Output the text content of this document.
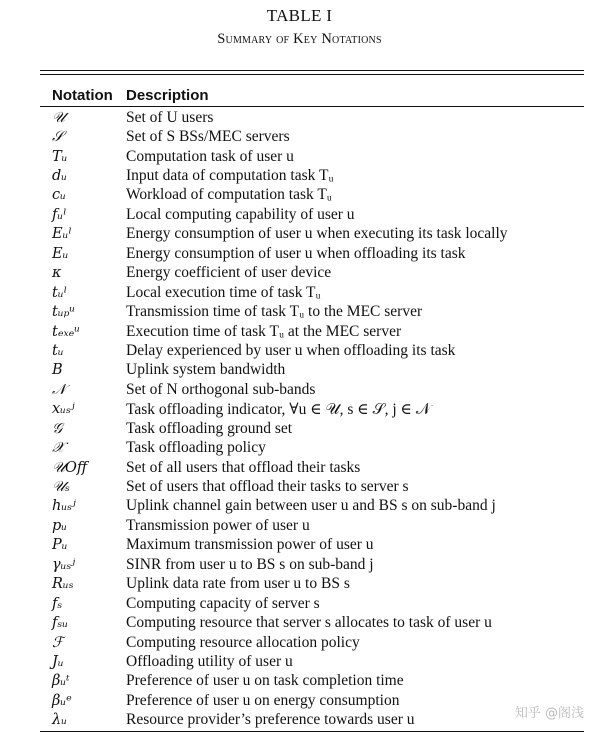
TABLE I
Summary of Key Notations
Notation Description
𝒰	Set of U users
𝒮	Set of S BSs/MEC servers
Tᵤ	Computation task of user u
dᵤ	Input data of computation task Tᵤ
cᵤ	Workload of computation task Tᵤ
fᵤˡ	Local computing capability of user u
Eᵤˡ	Energy consumption of user u when executing its task locally
Eᵤ	Energy consumption of user u when offloading its task
κ	Energy coefficient of user device
tᵤˡ	Local execution time of task Tᵤ
tᵤₚᵘ	Transmission time of task Tᵤ to the MEC server
tₑₓₑᵘ	Execution time of task Tᵤ at the MEC server
tᵤ	Delay experienced by user u when offloading its task
B	Uplink system bandwidth
𝒩	Set of N orthogonal sub-bands
xᵤₛʲ	Task offloading indicator, ∀u ∈ 𝒰, s ∈ 𝒮, j ∈ 𝒩
𝒢	Task offloading ground set
𝒳	Task offloading policy
𝒰Off	Set of all users that offload their tasks
𝒰ₛ	Set of users that offload their tasks to server s
hᵤₛʲ	Uplink channel gain between user u and BS s on sub-band j
pᵤ	Transmission power of user u
Pᵤ	Maximum transmission power of user u
γᵤₛʲ	SINR from user u to BS s on sub-band j
Rᵤₛ	Uplink data rate from user u to BS s
fₛ	Computing capacity of server s
fₛᵤ	Computing resource that server s allocates to task of user u
ℱ	Computing resource allocation policy
Jᵤ	Offloading utility of user u
βᵤᵗ	Preference of user u on task completion time
βᵤᵉ	Preference of user u on energy consumption
λᵤ	Resource provider’s preference towards user u	知乎 @阁浅
